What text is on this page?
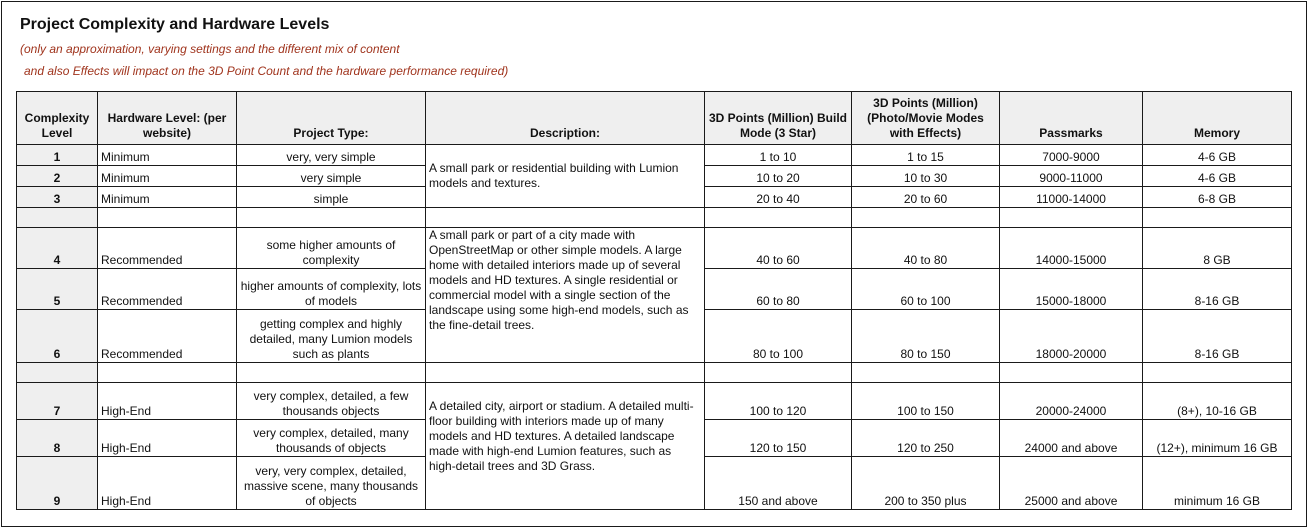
Project Complexity and Hardware Levels
(only an approximation, varying settings and the different mix of content
and also Effects will impact on the 3D Point Count and the hardware performance required)
Complexity Level	Hardware Level: (per website)	Project Type:	Description:	3D Points (Million) Build Mode (3 Star)	3D Points (Million) (Photo/Movie Modes with Effects)	Passmarks	Memory
1	Minimum	very, very simple	A small park or residential building with Lumion models and textures.	1 to 10	1 to 15	7000-9000	4-6 GB
2	Minimum	very simple		10 to 20	10 to 30	9000-11000	4-6 GB
3	Minimum	simple		20 to 40	20 to 60	11000-14000	6-8 GB

4	Recommended	some higher amounts of complexity	A small park or part of a city made with OpenStreetMap or other simple models. A large home with detailed interiors made up of several models and HD textures. A single residential or commercial model with a single section of the landscape using some high-end models, such as the fine-detail trees.	40 to 60	40 to 80	14000-15000	8 GB
5	Recommended	higher amounts of complexity, lots of models		60 to 80	60 to 100	15000-18000	8-16 GB
6	Recommended	getting complex and highly detailed, many Lumion models such as plants		80 to 100	80 to 150	18000-20000	8-16 GB

7	High-End	very complex, detailed, a few thousands objects	A detailed city, airport or stadium. A detailed multi-floor building with interiors made up of many models and HD textures. A detailed landscape made with high-end Lumion features, such as high-detail trees and 3D Grass.	100 to 120	100 to 150	20000-24000	(8+), 10-16 GB
8	High-End	very complex, detailed, many thousands of objects		120 to 150	120 to 250	24000 and above	(12+), minimum 16 GB
9	High-End	very, very complex, detailed, massive scene, many thousands of objects		150 and above	200 to 350 plus	25000 and above	minimum 16 GB
